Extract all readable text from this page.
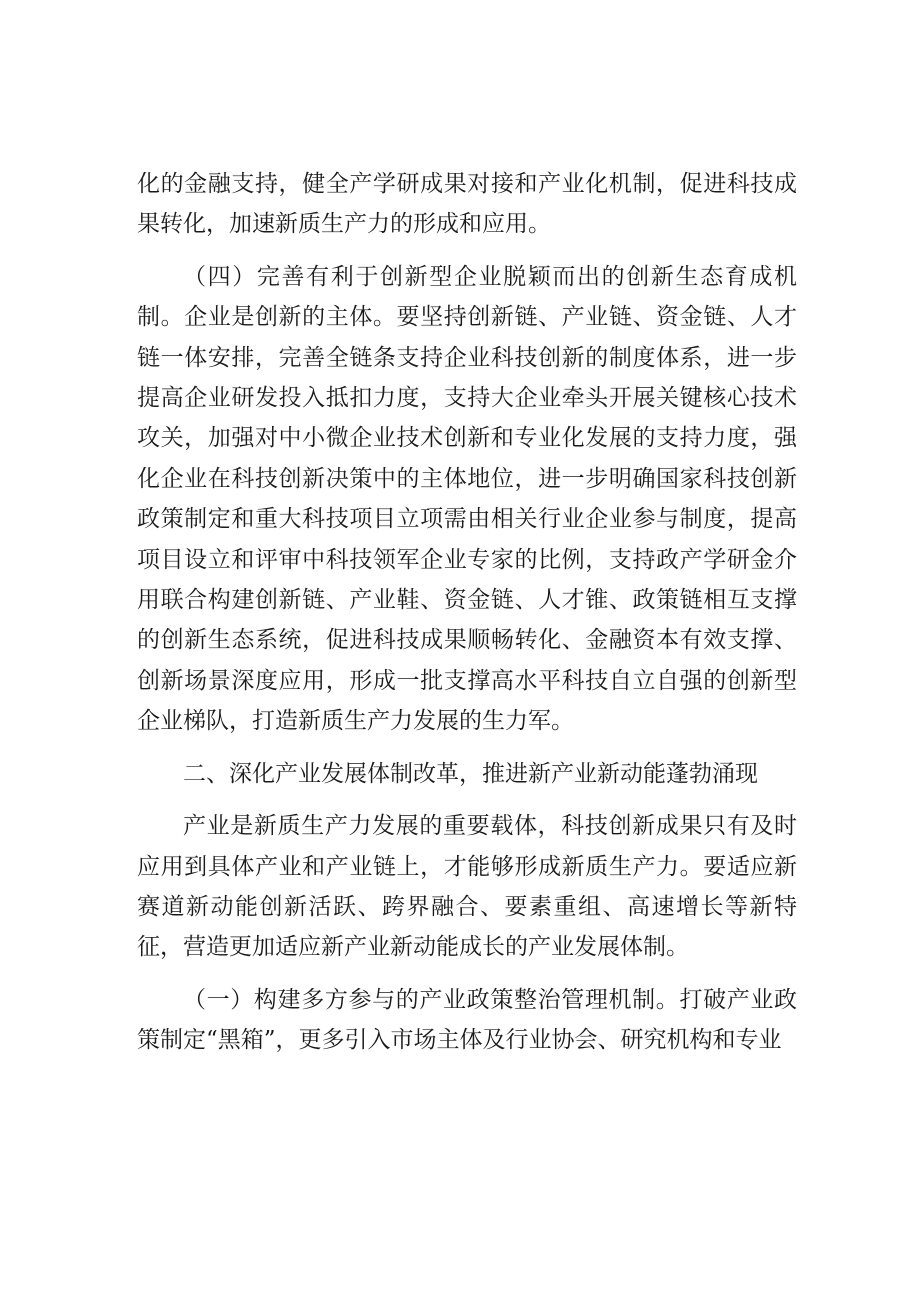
化的金融支持，健全产学研成果对接和产业化机制，促进科技成果转化，加速新质生产力的形成和应用。

（四）完善有利于创新型企业脱颖而出的创新生态育成机制。企业是创新的主体。要坚持创新链、产业链、资金链、人才链一体安排，完善全链条支持企业科技创新的制度体系，进一步提高企业研发投入抵扣力度，支持大企业牵头开展关键核心技术攻关，加强对中小微企业技术创新和专业化发展的支持力度，强化企业在科技创新决策中的主体地位，进一步明确国家科技创新政策制定和重大科技项目立项需由相关行业企业参与制度，提高项目设立和评审中科技领军企业专家的比例，支持政产学研金介用联合构建创新链、产业鞋、资金链、人才锥、政策链相互支撑的创新生态系统，促进科技成果顺畅转化、金融资本有效支撑、创新场景深度应用，形成一批支撑高水平科技自立自强的创新型企业梯队，打造新质生产力发展的生力军。

二、深化产业发展体制改革，推进新产业新动能蓬勃涌现

产业是新质生产力发展的重要载体，科技创新成果只有及时应用到具体产业和产业链上，才能够形成新质生产力。要适应新赛道新动能创新活跃、跨界融合、要素重组、高速增长等新特征，营造更加适应新产业新动能成长的产业发展体制。

（一）构建多方参与的产业政策整治管理机制。打破产业政策制定“黑箱”，更多引入市场主体及行业协会、研究机构和专业
